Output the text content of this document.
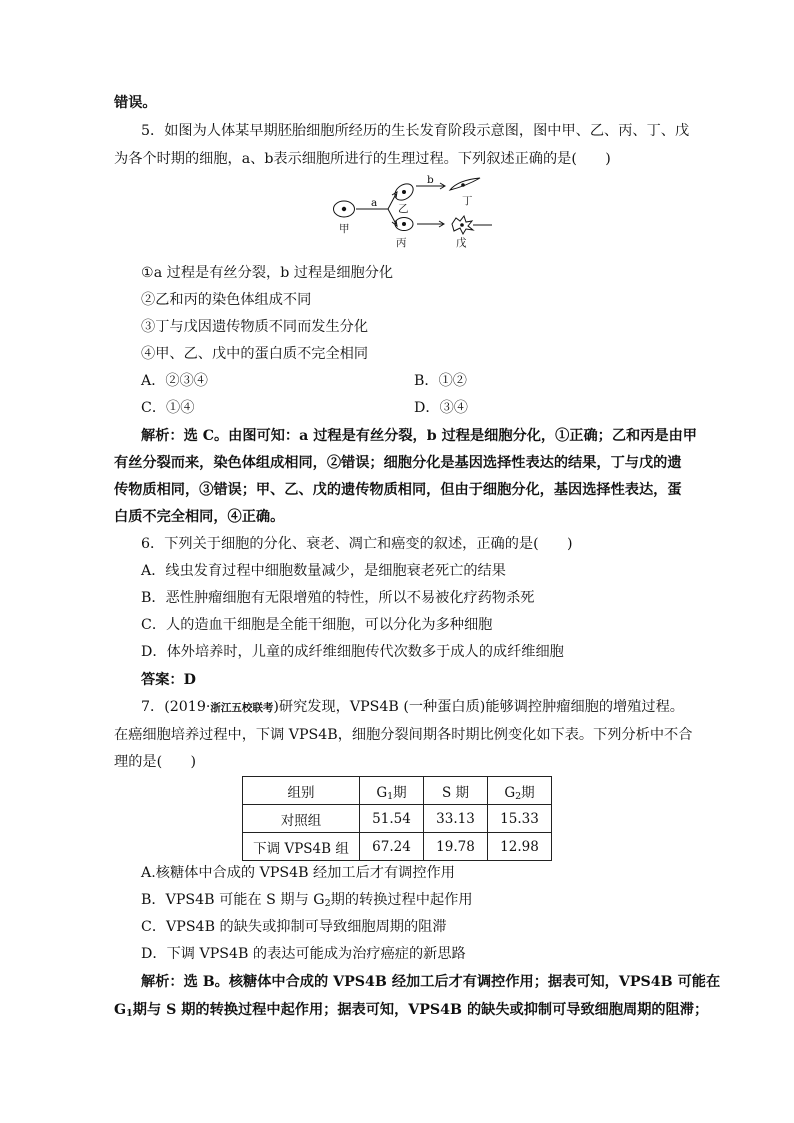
错误。
5．如图为人体某早期胚胎细胞所经历的生长发育阶段示意图，图中甲、乙、丙、丁、戊
为各个时期的细胞，a、b表示细胞所进行的生理过程。下列叙述正确的是(　　)
甲
a 乙
b
丁
丙	戊
①a 过程是有丝分裂，b 过程是细胞分化
②乙和丙的染色体组成不同
③丁与戊因遗传物质不同而发生分化
④甲、乙、戊中的蛋白质不完全相同
A．②③④	B．①②
C．①④	D．③④
解析：选 C。由图可知：a 过程是有丝分裂，b 过程是细胞分化，①正确；乙和丙是由甲
有丝分裂而来，染色体组成相同，②错误；细胞分化是基因选择性表达的结果，丁与戊的遗
传物质相同，③错误；甲、乙、戊的遗传物质相同，但由于细胞分化，基因选择性表达，蛋
白质不完全相同，④正确。
6．下列关于细胞的分化、衰老、凋亡和癌变的叙述，正确的是(　　)
A．线虫发育过程中细胞数量减少，是细胞衰老死亡的结果
B．恶性肿瘤细胞有无限增殖的特性，所以不易被化疗药物杀死
C．人的造血干细胞是全能干细胞，可以分化为多种细胞
D．体外培养时，儿童的成纤维细胞传代次数多于成人的成纤维细胞
答案：D
7．(2019·浙江五校联考)研究发现，VPS4B (一种蛋白质)能够调控肿瘤细胞的增殖过程。
在癌细胞培养过程中，下调 VPS4B，细胞分裂间期各时期比例变化如下表。下列分析中不合
理的是(　　)
组别	$G_1$期	S 期	$G_2$期
对照组	51.54	33.13	15.33
下调 VPS4B 组	67.24	19.78	12.98
A.核糖体中合成的 VPS4B 经加工后才有调控作用
B．VPS4B 可能在 S 期与 $G_2$期的转换过程中起作用
C．VPS4B 的缺失或抑制可导致细胞周期的阻滞
D．下调 VPS4B 的表达可能成为治疗癌症的新思路
解析：选 B。核糖体中合成的 VPS4B 经加工后才有调控作用；据表可知，VPS4B 可能在
$G_1$期与 S 期的转换过程中起作用；据表可知，VPS4B 的缺失或抑制可导致细胞周期的阻滞；
